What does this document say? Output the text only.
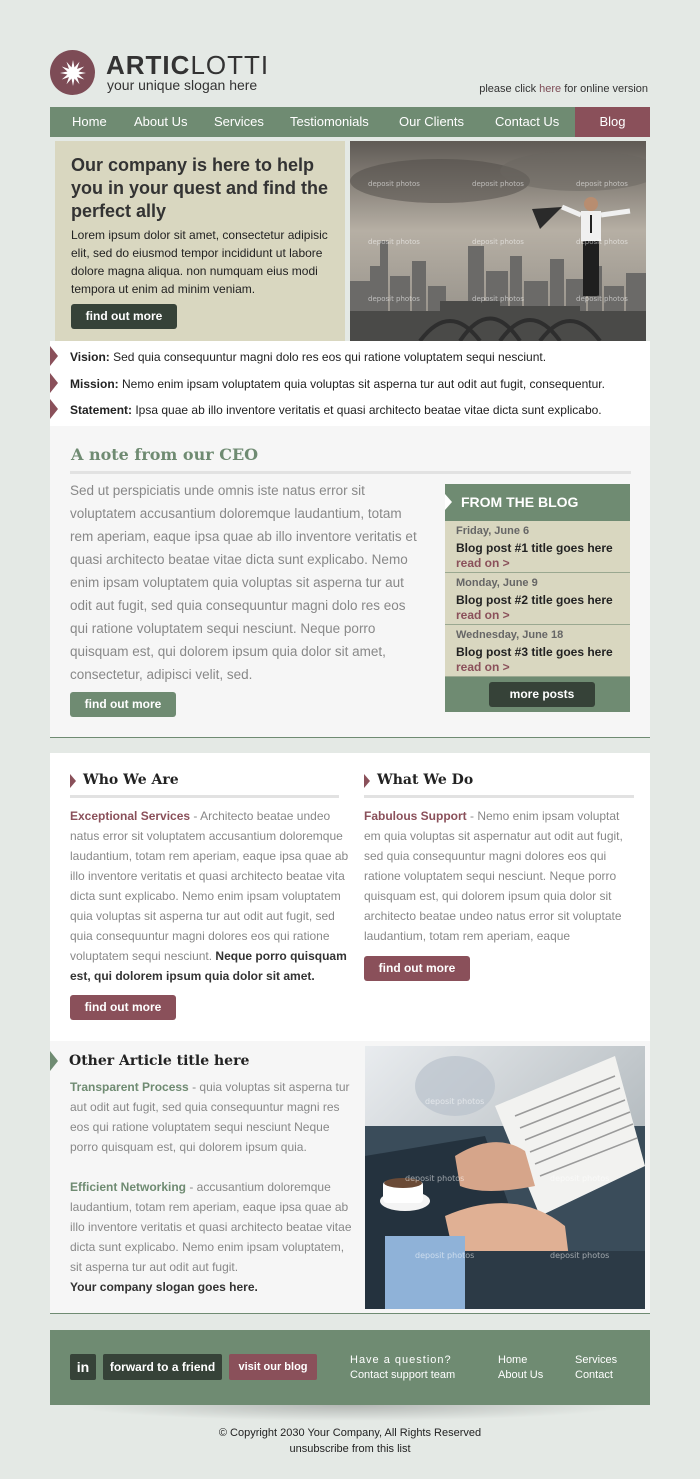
ARTICLOTTI
your unique slogan here	please click here for online version
Home About Us Services Testiomonials Our Clients Contact Us	Blog
Our company is here to help you in your quest and find the perfect ally
Lorem ipsum dolor sit amet, consectetur adipisic elit, sed do eiusmod tempor incididunt ut labore dolore magna aliqua. non numquam eius modi tempora ut enim ad minim veniam.
find out more
deposit photos	deposit photos	deposit photos
deposit photos	deposit photos	deposit photos
deposit photos	deposit photos	deposit photos
Vision: Sed quia consequuntur magni dolo res eos qui ratione voluptatem sequi nesciunt.
Mission: Nemo enim ipsam voluptatem quia voluptas sit asperna tur aut odit aut fugit, consequentur.
Statement: Ipsa quae ab illo inventore veritatis et quasi architecto beatae vitae dicta sunt explicabo.
A note from our CEO
Sed ut perspiciatis unde omnis iste natus error sit voluptatem accusantium doloremque laudantium, totam rem aperiam, eaque ipsa quae ab illo inventore veritatis et quasi architecto beatae vitae dicta sunt explicabo. Nemo enim ipsam voluptatem quia voluptas sit asperna tur aut odit aut fugit, sed quia consequuntur magni dolo res eos qui ratione voluptatem sequi nesciunt. Neque porro quisquam est, qui dolorem ipsum quia dolor sit amet, consectetur, adipisci velit, sed.
find out more
FROM THE BLOG
Friday, June 6
Blog post #1 title goes here
read on >
Monday, June 9
Blog post #2 title goes here
read on >
Wednesday, June 18
Blog post #3 title goes here
read on >
more posts
Who We Are
Exceptional Services - Architecto beatae undeo natus error sit voluptatem accusantium doloremque laudantium, totam rem aperiam, eaque ipsa quae ab illo inventore veritatis et quasi architecto beatae vita dicta sunt explicabo. Nemo enim ipsam voluptatem quia voluptas sit asperna tur aut odit aut fugit, sed quia consequuntur magni dolores eos qui ratione voluptatem sequi nesciunt. Neque porro quisquam est, qui dolorem ipsum quia dolor sit amet.
find out more
What We Do
Fabulous Support - Nemo enim ipsam voluptat em quia voluptas sit aspernatur aut odit aut fugit, sed quia consequuntur magni dolores eos qui ratione voluptatem sequi nesciunt. Neque porro quisquam est, qui dolorem ipsum quia dolor sit architecto beatae undeo natus error sit voluptate laudantium, totam rem aperiam, eaque
find out more
Other Article title here
Transparent Process - quia voluptas sit asperna tur aut odit aut fugit, sed quia consequuntur magni res eos qui ratione voluptatem sequi nesciunt Neque porro quisquam est, qui dolorem ipsum quia.

Efficient Networking - accusantium doloremque laudantium, totam rem aperiam, eaque ipsa quae ab illo inventore veritatis et quasi architecto beatae vitae dicta sunt explicabo. Nemo enim ipsam voluptatem, sit asperna tur aut odit aut fugit.
Your company slogan goes here.
deposit photos
deposit photos	deposit photos
deposit photos	deposit photos
in	forward to a friend	visit our blog
Have a question?
Contact support team
Home
About Us
Services
Contact
© Copyright 2030 Your Company, All Rights Reserved
unsubscribe from this list
